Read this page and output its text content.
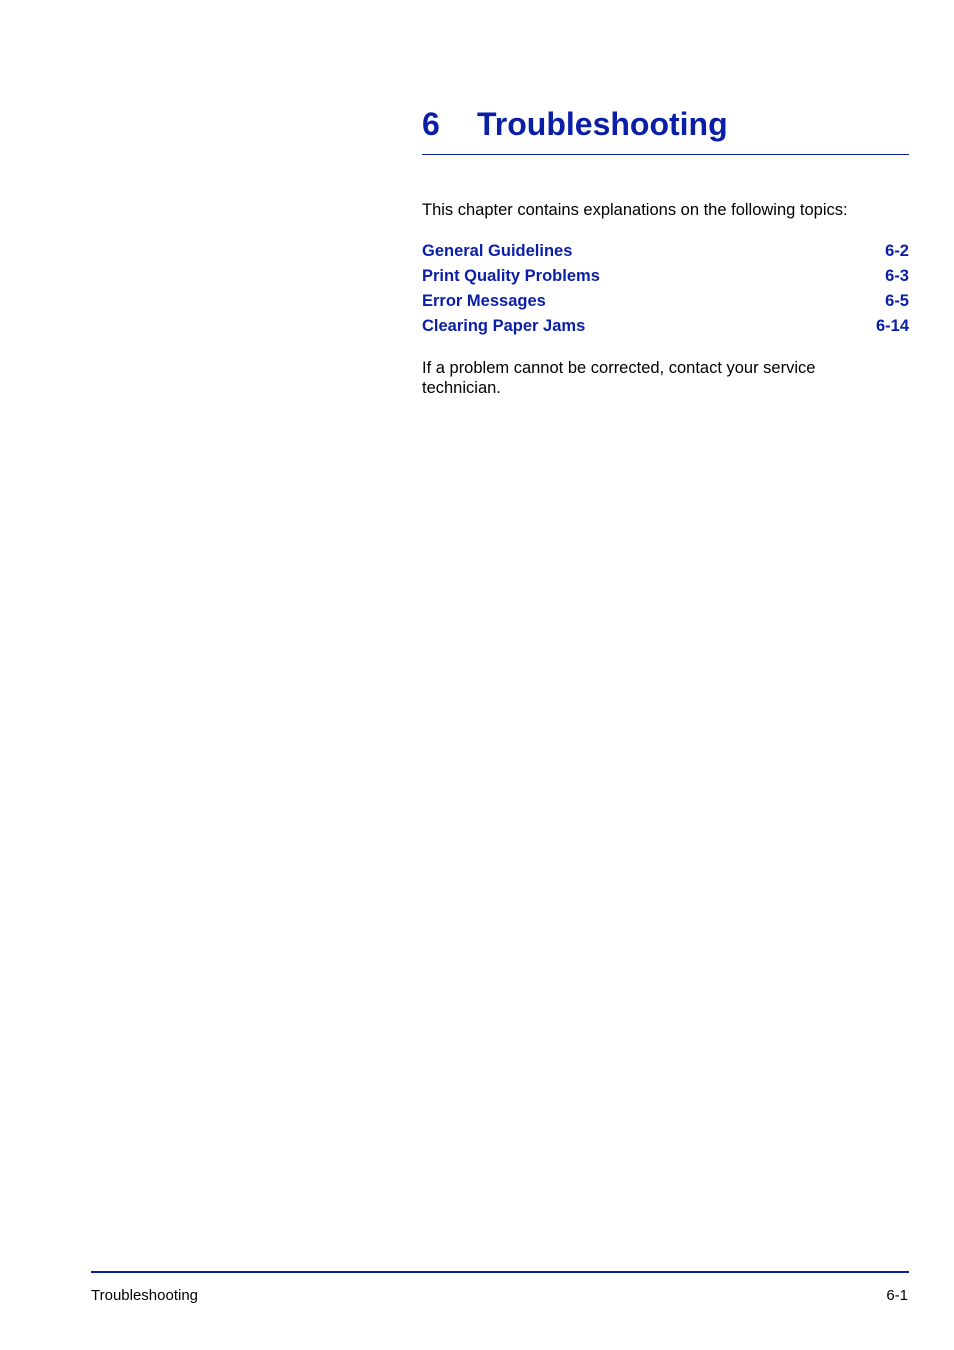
6 Troubleshooting

This chapter contains explanations on the following topics:

General Guidelines	6-2
Print Quality Problems	6-3
Error Messages	6-5
Clearing Paper Jams	6-14

If a problem cannot be corrected, contact your service technician.

Troubleshooting	6-1
